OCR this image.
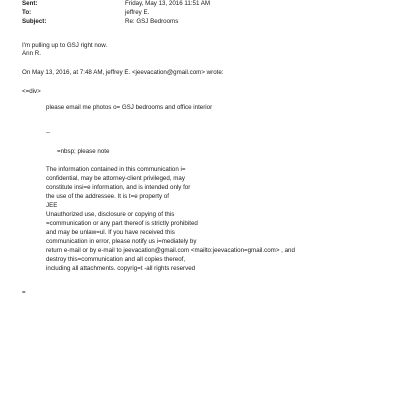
Sent:	Friday, May 13, 2016 11:51 AM
To:	jeffrey E.
Subject:	Re: GSJ Bedrooms
I'm pulling up to GSJ right now.
Ann R.
On May 13, 2016, at 7:48 AM, jeffrey E. <jeevacation@gmail.com> wrote:
<=div>
please email me photos o= GSJ bedrooms and office interior
--
=nbsp; please note
The information contained in this communication i=
confidential, may be attorney-client privileged, may
constitute insi=e information, and is intended only for
the use of the addressee. It is t=e property of
JEE
Unauthorized use, disclosure or copying of this
=communication or any part thereof is strictly prohibited
and may be unlaw=ul. If you have received this
communication in error, please notify us i=mediately by
return e-mail or by e-mail to jeevacation@gmail.com <mailto:jeevacation=gmail.com> , and
destroy this=communication and all copies thereof,
including all attachments. copyrig=t -all rights reserved
=
